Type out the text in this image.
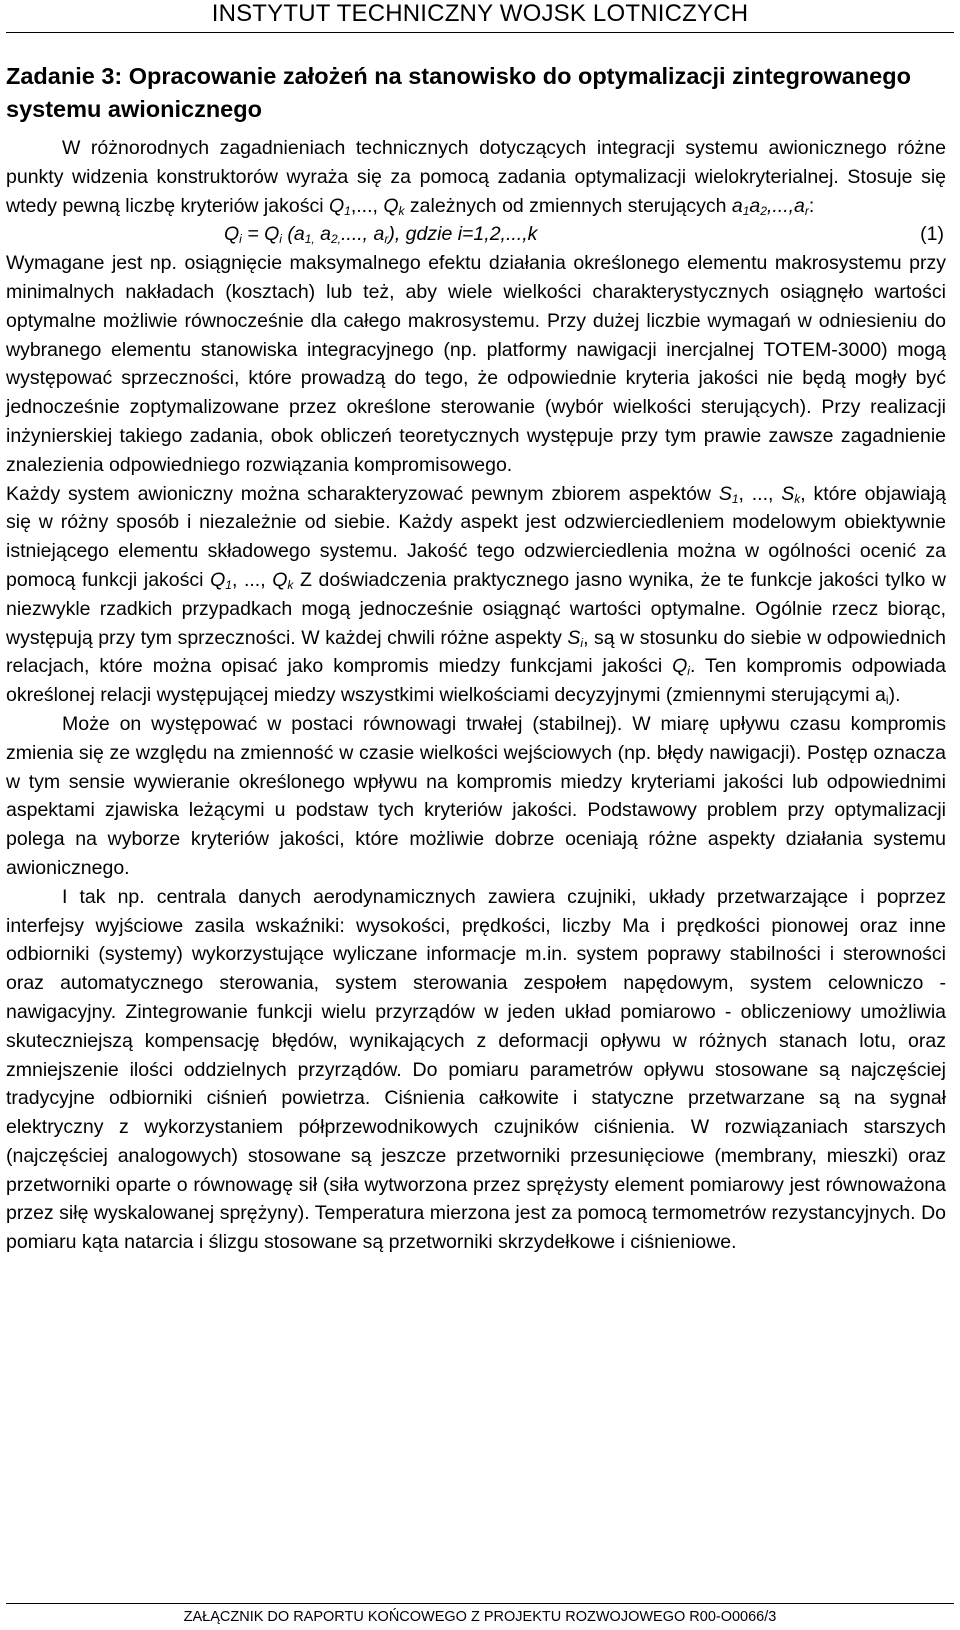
INSTYTUT TECHNICZNY WOJSK LOTNICZYCH
Zadanie 3: Opracowanie założeń na stanowisko do optymalizacji zintegrowanego systemu awionicznego

W różnorodnych zagadnieniach technicznych dotyczących integracji systemu awionicznego różne punkty widzenia konstruktorów wyraża się za pomocą zadania optymalizacji wielokryterialnej. Stosuje się wtedy pewną liczbę kryteriów jakości $Q_1$,..., $Q_k$ zależnych od zmiennych sterujących $a_1a_2,...,a_r$:

$Q_i = Q_i$ ($a_{1,}$ $a_{2,}$...., $a_r$), gdzie i=1,2,...,k	(1)

Wymagane jest np. osiągnięcie maksymalnego efektu działania określonego elementu makrosystemu przy minimalnych nakładach (kosztach) lub też, aby wiele wielkości charakterystycznych osiągnęło wartości optymalne możliwie równocześnie dla całego makrosystemu. Przy dużej liczbie wymagań w odniesieniu do wybranego elementu stanowiska integracyjnego (np. platformy nawigacji inercjalnej TOTEM-3000) mogą występować sprzeczności, które prowadzą do tego, że odpowiednie kryteria jakości nie będą mogły być jednocześnie zoptymalizowane przez określone sterowanie (wybór wielkości sterujących). Przy realizacji inżynierskiej takiego zadania, obok obliczeń teoretycznych występuje przy tym prawie zawsze zagadnienie znalezienia odpowiedniego rozwiązania kompromisowego.

Każdy system awioniczny można scharakteryzować pewnym zbiorem aspektów $S_1$, ..., $S_k$, które objawiają się w różny sposób i niezależnie od siebie. Każdy aspekt jest odzwierciedleniem modelowym obiektywnie istniejącego elementu składowego systemu. Jakość tego odzwierciedlenia można w ogólności ocenić za pomocą funkcji jakości $Q_1$, ..., $Q_k$ Z doświadczenia praktycznego jasno wynika, że te funkcje jakości tylko w niezwykle rzadkich przypadkach mogą jednocześnie osiągnąć wartości optymalne. Ogólnie rzecz biorąc, występują przy tym sprzeczności. W każdej chwili różne aspekty $S_i$, są w stosunku do siebie w odpowiednich relacjach, które można opisać jako kompromis miedzy funkcjami jakości $Q_i$. Ten kompromis odpowiada określonej relacji występującej miedzy wszystkimi wielkościami decyzyjnymi (zmiennymi sterującymi $a_i$).

Może on występować w postaci równowagi trwałej (stabilnej). W miarę upływu czasu kompromis zmienia się ze względu na zmienność w czasie wielkości wejściowych (np. błędy nawigacji). Postęp oznacza w tym sensie wywieranie określonego wpływu na kompromis miedzy kryteriami jakości lub odpowiednimi aspektami zjawiska leżącymi u podstaw tych kryteriów jakości. Podstawowy problem przy optymalizacji polega na wyborze kryteriów jakości, które możliwie dobrze oceniają różne aspekty działania systemu awionicznego.

I tak np. centrala danych aerodynamicznych zawiera czujniki, układy przetwarzające i poprzez interfejsy wyjściowe zasila wskaźniki: wysokości, prędkości, liczby Ma i prędkości pionowej oraz inne odbiorniki (systemy) wykorzystujące wyliczane informacje m.in. system poprawy stabilności i sterowności oraz automatycznego sterowania, system sterowania zespołem napędowym, system celowniczo - nawigacyjny. Zintegrowanie funkcji wielu przyrządów w jeden układ pomiarowo - obliczeniowy umożliwia skuteczniejszą kompensację błędów, wynikających z deformacji opływu w różnych stanach lotu, oraz zmniejszenie ilości oddzielnych przyrządów. Do pomiaru parametrów opływu stosowane są najczęściej tradycyjne odbiorniki ciśnień powietrza. Ciśnienia całkowite i statyczne przetwarzane są na sygnał elektryczny z wykorzystaniem półprzewodnikowych czujników ciśnienia. W rozwiązaniach starszych (najczęściej analogowych) stosowane są jeszcze przetworniki przesunięciowe (membrany, mieszki) oraz przetworniki oparte o równowagę sił (siła wytworzona przez sprężysty element pomiarowy jest równoważona przez siłę wyskalowanej sprężyny). Temperatura mierzona jest za pomocą termometrów rezystancyjnych. Do pomiaru kąta natarcia i ślizgu stosowane są przetworniki skrzydełkowe i ciśnieniowe.

ZAŁĄCZNIK DO RAPORTU KOŃCOWEGO Z PROJEKTU ROZWOJOWEGO R00-O0066/3
